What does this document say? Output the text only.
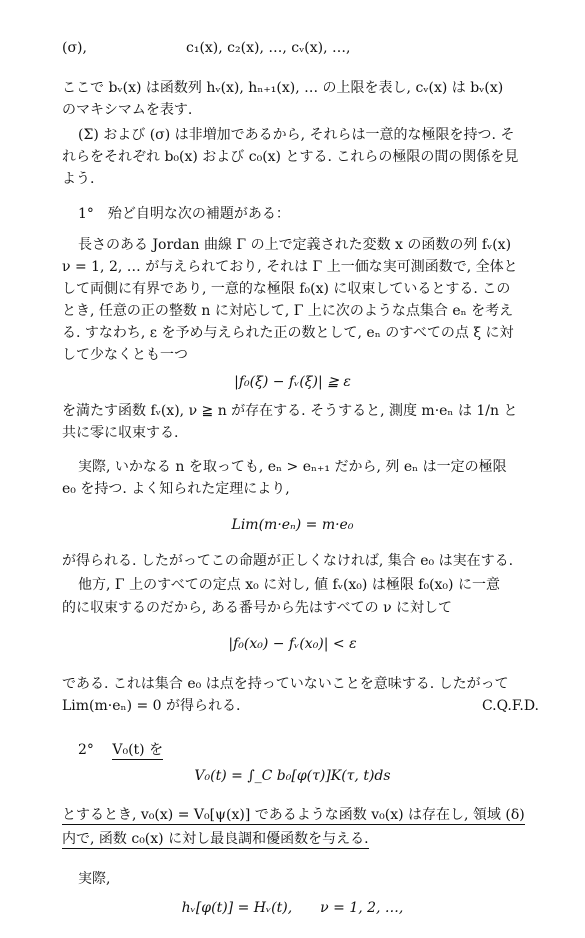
(σ),	c₁(x), c₂(x), …, cᵥ(x), …,
ここで bᵥ(x) は函数列 hᵥ(x), hₙ₊₁(x), … の上限を表し, cᵥ(x) は bᵥ(x)
のマキシマムを表す.
(Σ) および (σ) は非増加であるから, それらは一意的な極限を持つ. そ
れらをそれぞれ b₀(x) および c₀(x) とする. これらの極限の間の関係を見
よう.
1°　殆ど自明な次の補題がある：
長さのある Jordan 曲線 Γ の上で定義された変数 x の函数の列 fᵥ(x)
ν = 1, 2, … が与えられており, それは Γ 上一価な実可測函数で, 全体と
して両側に有界であり, 一意的な極限 f₀(x) に収束しているとする. この
とき, 任意の正の整数 n に対応して, Γ 上に次のような点集合 eₙ を考え
る. すなわち, ε を予め与えられた正の数として, eₙ のすべての点 ξ に対
して少なくとも一つ
|f₀(ξ) − fᵥ(ξ)| ≧ ε
を満たす函数 fᵥ(x), ν ≧ n が存在する. そうすると, 測度 m·eₙ は 1/n と
共に零に収束する.
実際, いかなる n を取っても, eₙ > eₙ₊₁ だから, 列 eₙ は一定の極限
e₀ を持つ. よく知られた定理により,
Lim(m·eₙ) = m·e₀
が得られる. したがってこの命題が正しくなければ, 集合 e₀ は実在する.
他方, Γ 上のすべての定点 x₀ に対し, 値 fᵥ(x₀) は極限 f₀(x₀) に一意
的に収束するのだから, ある番号から先はすべての ν に対して
|f₀(x₀) − fᵥ(x₀)| < ε
である. これは集合 e₀ は点を持っていないことを意味する. したがって
Lim(m·eₙ) = 0 が得られる.	C.Q.F.D.
2° V₀(t) を
V₀(t) = ∫_C b₀[φ(τ)]K(τ, t)ds
とするとき, v₀(x) = V₀[ψ(x)] であるような函数 v₀(x) は存在し, 領域 (δ)
内で, 函数 c₀(x) に対し最良調和優函数を与える.
実際,
hᵥ[φ(t)] = Hᵥ(t),　　ν = 1, 2, …,
